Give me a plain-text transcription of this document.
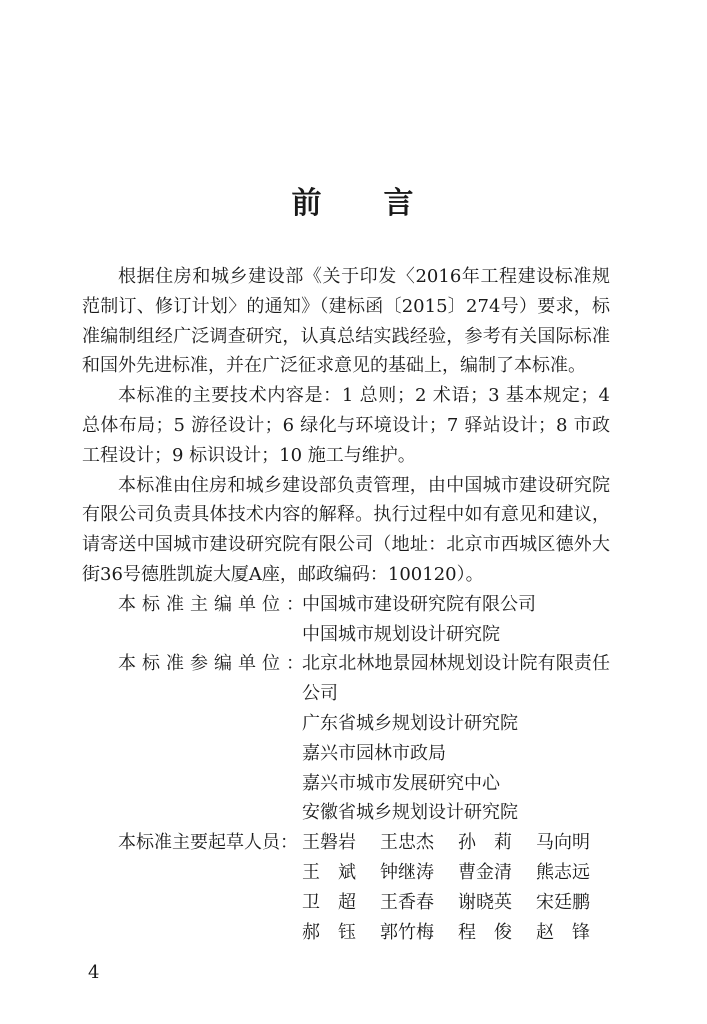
前 言

根据住房和城乡建设部《关于印发〈2016年工程建设标准规范制订、修订计划〉的通知》（建标函〔2015〕274号）要求，标准编制组经广泛调查研究，认真总结实践经验，参考有关国际标准和国外先进标准，并在广泛征求意见的基础上，编制了本标准。

本标准的主要技术内容是：1 总则；2 术语；3 基本规定；4 总体布局；5 游径设计；6 绿化与环境设计；7 驿站设计；8 市政工程设计；9 标识设计；10 施工与维护。

本标准由住房和城乡建设部负责管理，由中国城市建设研究院有限公司负责具体技术内容的解释。执行过程中如有意见和建议，请寄送中国城市建设研究院有限公司（地址：北京市西城区德外大街36号德胜凯旋大厦A座，邮政编码：100120）。

本标准主编单位：
中国城市建设研究院有限公司
中国城市规划设计研究院
本标准参编单位：
北京北林地景园林规划设计院有限责任公司
广东省城乡规划设计研究院
嘉兴市园林市政局
嘉兴市城市发展研究中心
安徽省城乡规划设计研究院
本标准主要起草人员： 王磐岩	王忠杰	孙　莉	马向明
王　斌	钟继涛	曹金清	熊志远
卫　超	王香春	谢晓英	宋廷鹏
郝　钰	郭竹梅	程　俊	赵　锋
4
